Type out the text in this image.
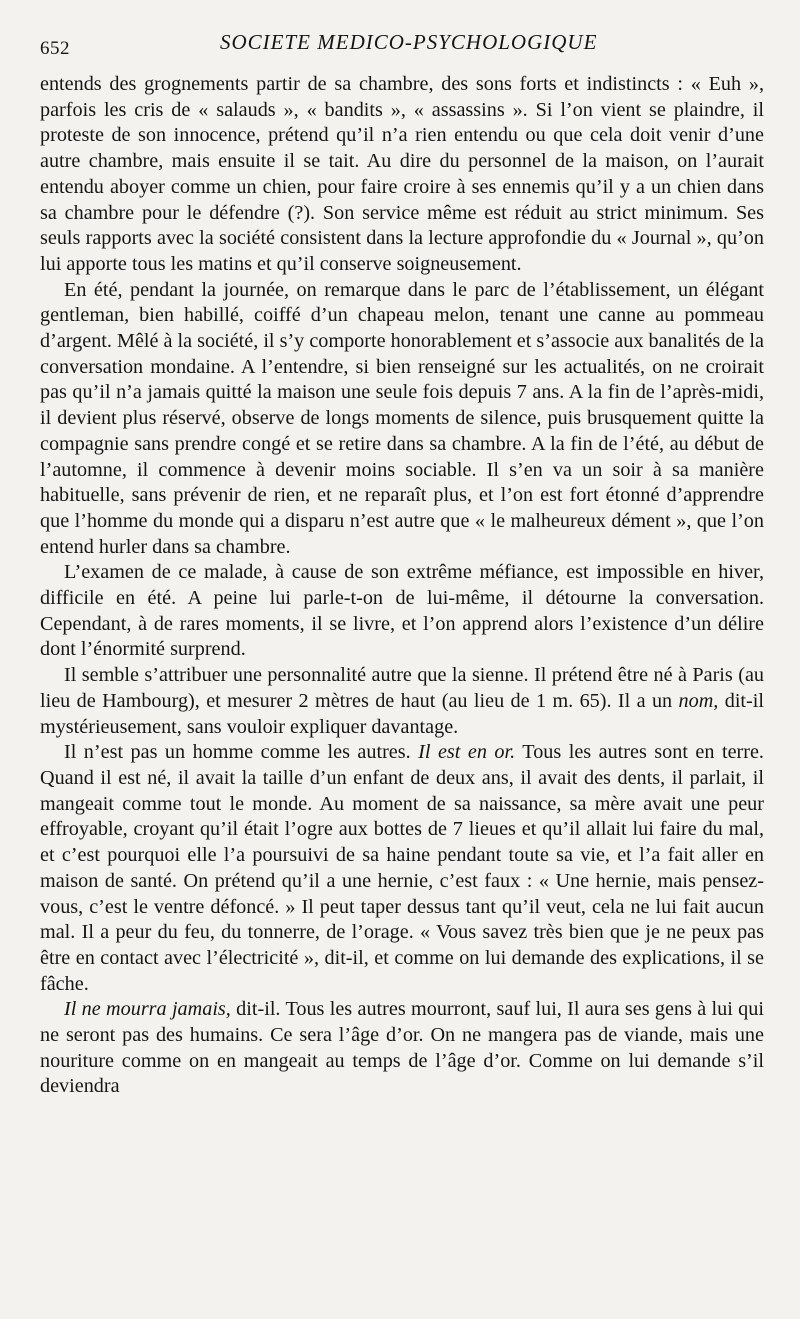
652	SOCIETE MEDICO-PSYCHOLOGIQUE

entends des grognements partir de sa chambre, des sons forts et indistincts : « Euh », parfois les cris de « salauds », « bandits », « assassins ». Si l’on vient se plaindre, il proteste de son innocence, prétend qu’il n’a rien entendu ou que cela doit venir d’une autre chambre, mais ensuite il se tait. Au dire du personnel de la maison, on l’aurait entendu aboyer comme un chien, pour faire croire à ses ennemis qu’il y a un chien dans sa chambre pour le défendre (?). Son service même est réduit au strict minimum. Ses seuls rapports avec la société consistent dans la lecture approfondie du « Journal », qu’on lui apporte tous les matins et qu’il conserve soigneusement.

En été, pendant la journée, on remarque dans le parc de l’établissement, un élégant gentleman, bien habillé, coiffé d’un chapeau melon, tenant une canne au pommeau d’argent. Mêlé à la société, il s’y comporte honorablement et s’associe aux banalités de la conversation mondaine. A l’entendre, si bien renseigné sur les actualités, on ne croirait pas qu’il n’a jamais quitté la maison une seule fois depuis 7 ans. A la fin de l’après-midi, il devient plus réservé, observe de longs moments de silence, puis brusquement quitte la compagnie sans prendre congé et se retire dans sa chambre. A la fin de l’été, au début de l’automne, il commence à devenir moins sociable. Il s’en va un soir à sa manière habituelle, sans prévenir de rien, et ne reparaît plus, et l’on est fort étonné d’apprendre que l’homme du monde qui a disparu n’est autre que « le malheureux dément », que l’on entend hurler dans sa chambre.

L’examen de ce malade, à cause de son extrême méfiance, est impossible en hiver, difficile en été. A peine lui parle-t-on de lui-même, il détourne la conversation. Cependant, à de rares moments, il se livre, et l’on apprend alors l’existence d’un délire dont l’énormité surprend.

Il semble s’attribuer une personnalité autre que la sienne. Il prétend être né à Paris (au lieu de Hambourg), et mesurer 2 mètres de haut (au lieu de 1 m. 65). Il a un nom, dit-il mystérieusement, sans vouloir expliquer davantage.

Il n’est pas un homme comme les autres. Il est en or. Tous les autres sont en terre. Quand il est né, il avait la taille d’un enfant de deux ans, il avait des dents, il parlait, il mangeait comme tout le monde. Au moment de sa naissance, sa mère avait une peur effroyable, croyant qu’il était l’ogre aux bottes de 7 lieues et qu’il allait lui faire du mal, et c’est pourquoi elle l’a poursuivi de sa haine pendant toute sa vie, et l’a fait aller en maison de santé. On prétend qu’il a une hernie, c’est faux : « Une hernie, mais pensez-vous, c’est le ventre défoncé. » Il peut taper dessus tant qu’il veut, cela ne lui fait aucun mal. Il a peur du feu, du tonnerre, de l’orage. « Vous savez très bien que je ne peux pas être en contact avec l’électricité », dit-il, et comme on lui demande des explications, il se fâche.

Il ne mourra jamais, dit-il. Tous les autres mourront, sauf lui, Il aura ses gens à lui qui ne seront pas des humains. Ce sera l’âge d’or. On ne mangera pas de viande, mais une nouriture comme on en mangeait au temps de l’âge d’or. Comme on lui demande s’il deviendra
